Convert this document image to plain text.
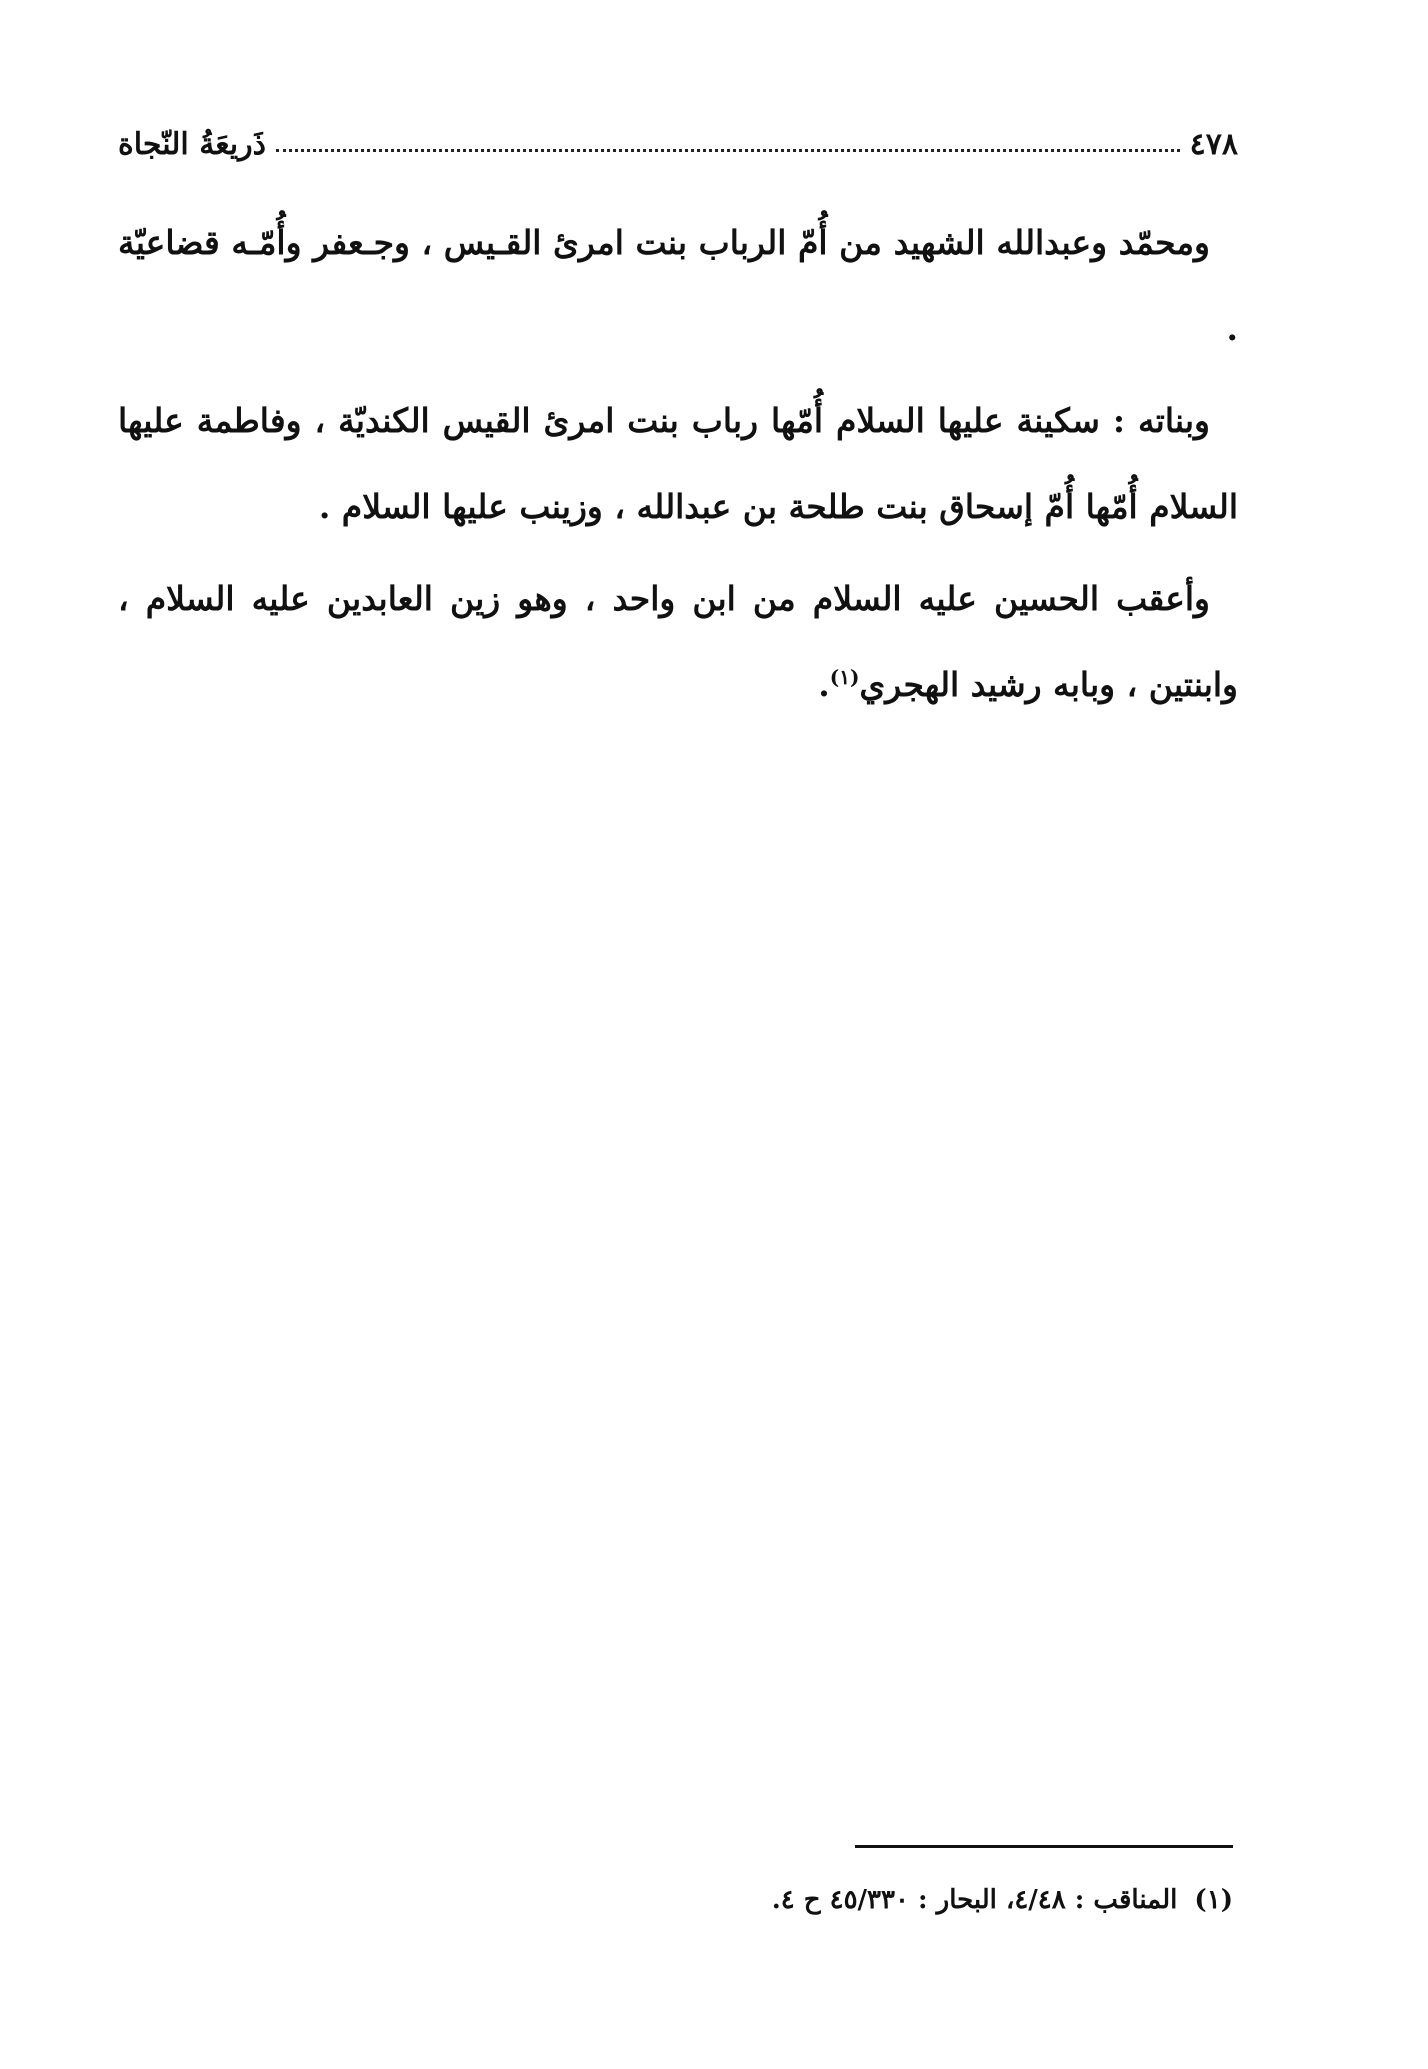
٤٧٨
ذَريعَةُ النّجاة

ومحمّد وعبدالله الشهيد من أُمّ الرباب بنت امرئ القـيس ، وجـعفر وأُمّـه قضاعيّة .

وبناته : سكينة عليها السلام أُمّها رباب بنت امرئ القيس الكنديّة ، وفاطمة عليها السلام أُمّها أُمّ إسحاق بنت طلحة بن عبدالله ، وزينب عليها السلام .

وأعقب الحسين عليه السلام من ابن واحد ، وهو زين العابدين عليه السلام ، وابنتين ، وبابه رشيد الهجري$^{(١)}$.

(١) المناقب : ٤/٤٨، البحار : ٤٥/٣٣٠ ح ٤.
